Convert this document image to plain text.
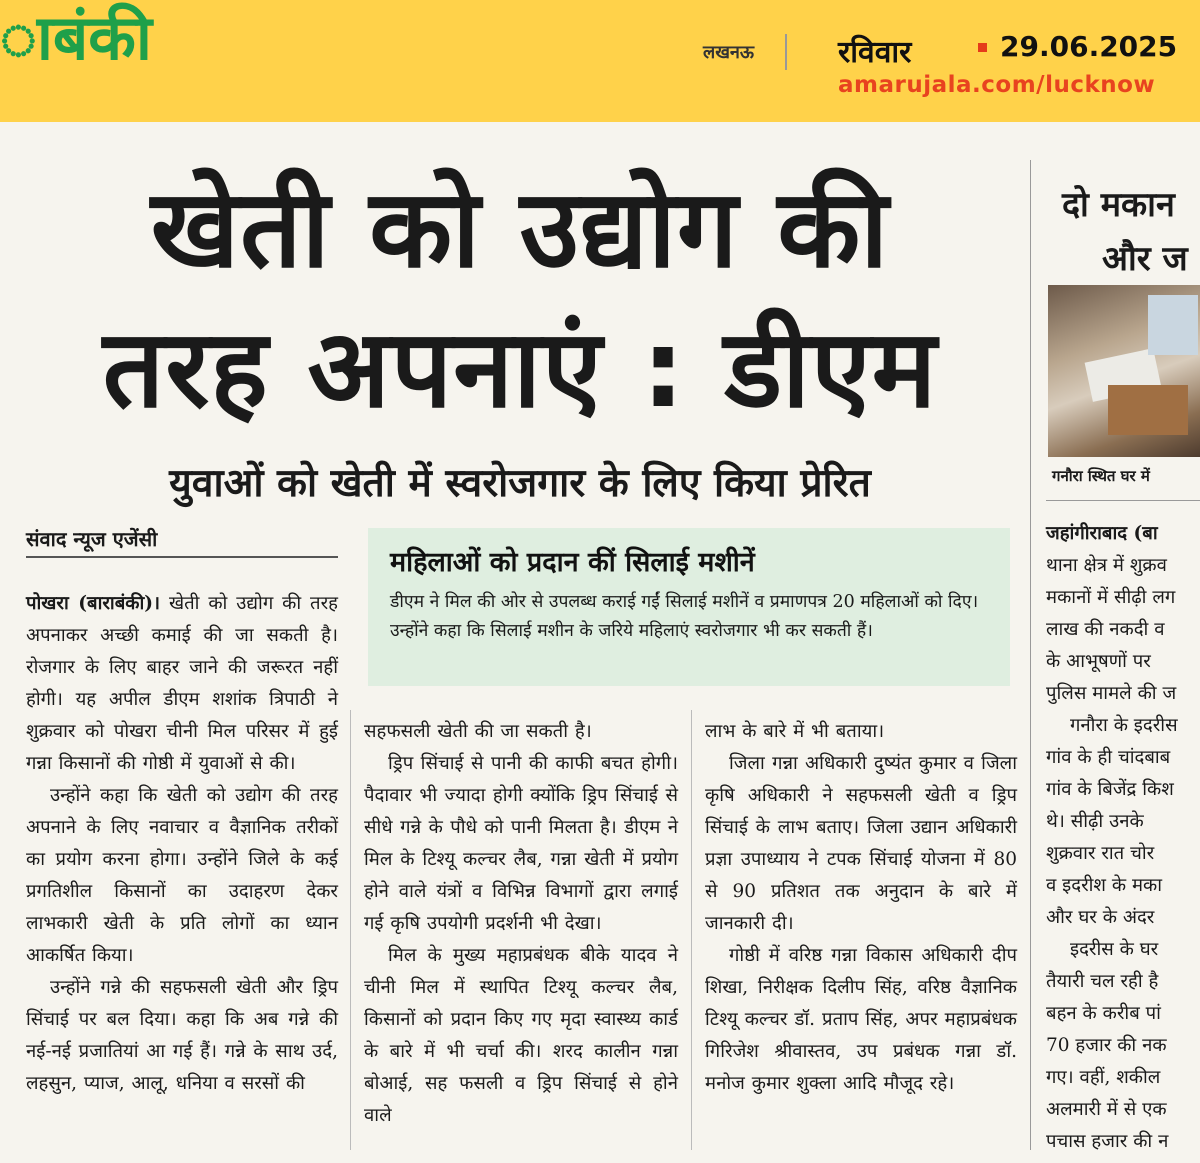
ाबंकी	लखनऊ	रविवार	29.06.2025
amarujala.com/lucknow
खेती को उद्योग की
तरह अपनाएं : डीएम
युवाओं को खेती में स्वरोजगार के लिए किया प्रेरित
संवाद न्यूज एजेंसी
महिलाओं को प्रदान कीं सिलाई मशीनें
डीएम ने मिल की ओर से उपलब्ध कराई गईं सिलाई मशीनें व प्रमाणपत्र 20 महिलाओं को दिए। उन्होंने कहा कि सिलाई मशीन के जरिये महिलाएं स्वरोजगार भी कर सकती हैं।

पोखरा (बाराबंकी)। खेती को उद्योग की तरह अपनाकर अच्छी कमाई की जा सकती है। रोजगार के लिए बाहर जाने की जरूरत नहीं होगी। यह अपील डीएम शशांक त्रिपाठी ने शुक्रवार को पोखरा चीनी मिल परिसर में हुई गन्ना किसानों की गोष्ठी में युवाओं से की।

उन्होंने कहा कि खेती को उद्योग की तरह अपनाने के लिए नवाचार व वैज्ञानिक तरीकों का प्रयोग करना होगा। उन्होंने जिले के कई प्रगतिशील किसानों का उदाहरण देकर लाभकारी खेती के प्रति लोगों का ध्यान आकर्षित किया।

उन्होंने गन्ने की सहफसली खेती और ड्रिप सिंचाई पर बल दिया। कहा कि अब गन्ने की नई-नई प्रजातियां आ गई हैं। गन्ने के साथ उर्द, लहसुन, प्याज, आलू, धनिया व सरसों की

सहफसली खेती की जा सकती है।

ड्रिप सिंचाई से पानी की काफी बचत होगी। पैदावार भी ज्यादा होगी क्योंकि ड्रिप सिंचाई से सीधे गन्ने के पौधे को पानी मिलता है। डीएम ने मिल के टिश्यू कल्चर लैब, गन्ना खेती में प्रयोग होने वाले यंत्रों व विभिन्न विभागों द्वारा लगाई गई कृषि उपयोगी प्रदर्शनी भी देखा।

मिल के मुख्य महाप्रबंधक बीके यादव ने चीनी मिल में स्थापित टिश्यू कल्चर लैब, किसानों को प्रदान किए गए मृदा स्वास्थ्य कार्ड के बारे में भी चर्चा की। शरद कालीन गन्ना बोआई, सह फसली व ड्रिप सिंचाई से होने वाले

लाभ के बारे में भी बताया।

जिला गन्ना अधिकारी दुष्यंत कुमार व जिला कृषि अधिकारी ने सहफसली खेती व ड्रिप सिंचाई के लाभ बताए। जिला उद्यान अधिकारी प्रज्ञा उपाध्याय ने टपक सिंचाई योजना में 80 से 90 प्रतिशत तक अनुदान के बारे में जानकारी दी।

गोष्ठी में वरिष्ठ गन्ना विकास अधिकारी दीप शिखा, निरीक्षक दिलीप सिंह, वरिष्ठ वैज्ञानिक टिश्यू कल्चर डॉ. प्रताप सिंह, अपर महाप्रबंधक गिरिजेश श्रीवास्तव, उप प्रबंधक गन्ना डॉ. मनोज कुमार शुक्ला आदि मौजूद रहे।

दो मकान
और ज
गनौरा स्थित घर में
जहांगीराबाद (बा
थाना क्षेत्र में शुक्रव
मकानों में सीढ़ी लग
लाख की नकदी व
के आभूषणों पर
पुलिस मामले की ज
गनौरा के इदरीस
गांव के ही चांदबाब
गांव के बिजेंद्र किश
थे। सीढ़ी उनके
शुक्रवार रात चोर
व इदरीश के मका
और घर के अंदर
इदरीस के घर
तैयारी चल रही है
बहन के करीब पां
70 हजार की नक
गए। वहीं, शकील
अलमारी में से एक
पचास हजार की न
